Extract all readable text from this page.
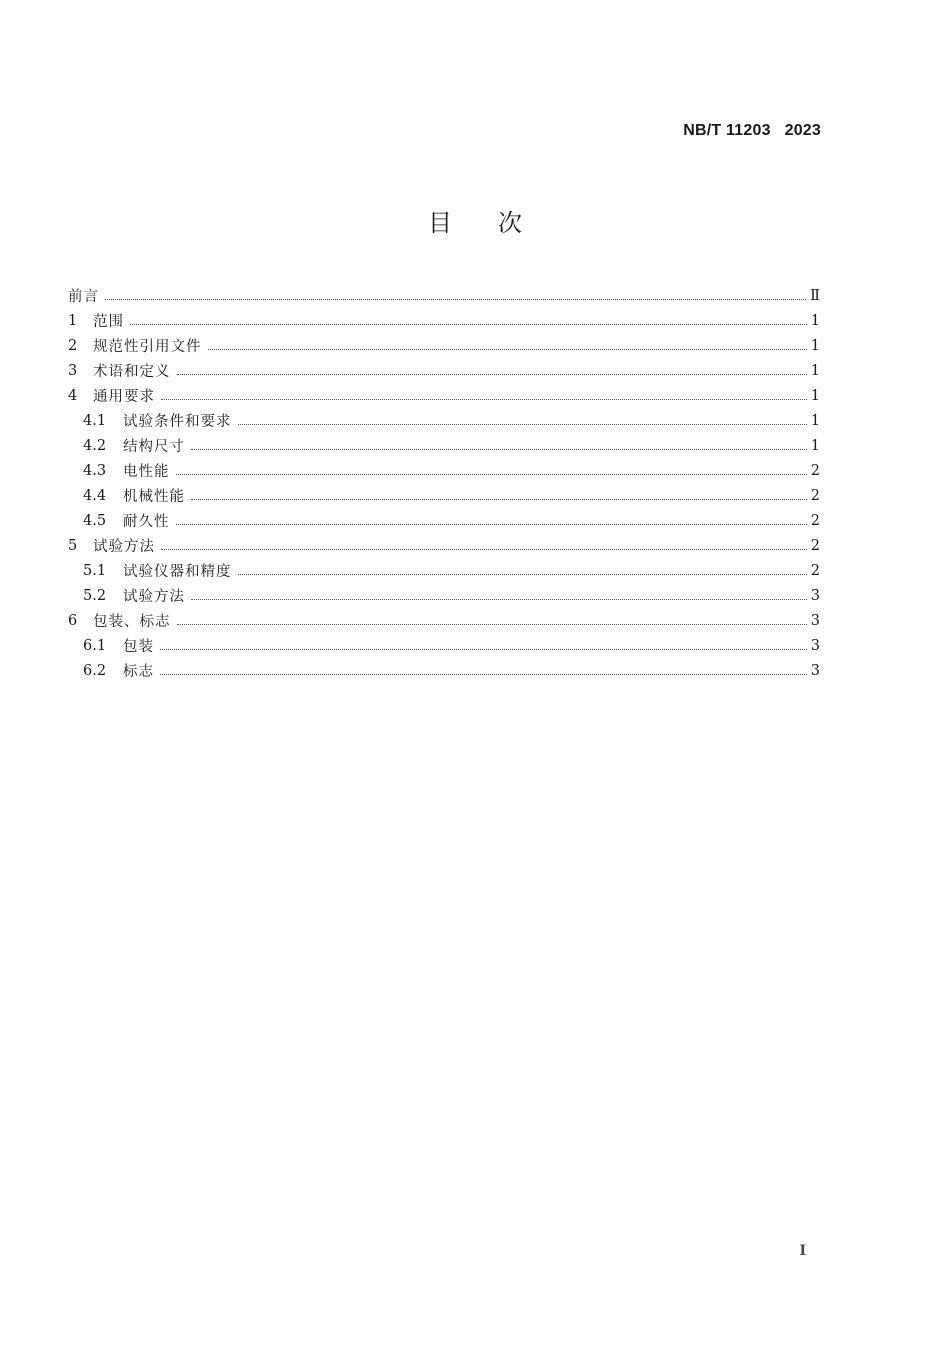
NB/T 11203   2023
目次
前言	Ⅱ
1	范围	1
2	规范性引用文件	1
3	术语和定义	1
4	通用要求	1
4.1	试验条件和要求	1
4.2	结构尺寸	1
4.3	电性能	2
4.4	机械性能	2
4.5	耐久性	2
5	试验方法	2
5.1	试验仪器和精度	2
5.2	试验方法	3
6	包装、标志	3
6.1	包装	3
6.2	标志	3
I
